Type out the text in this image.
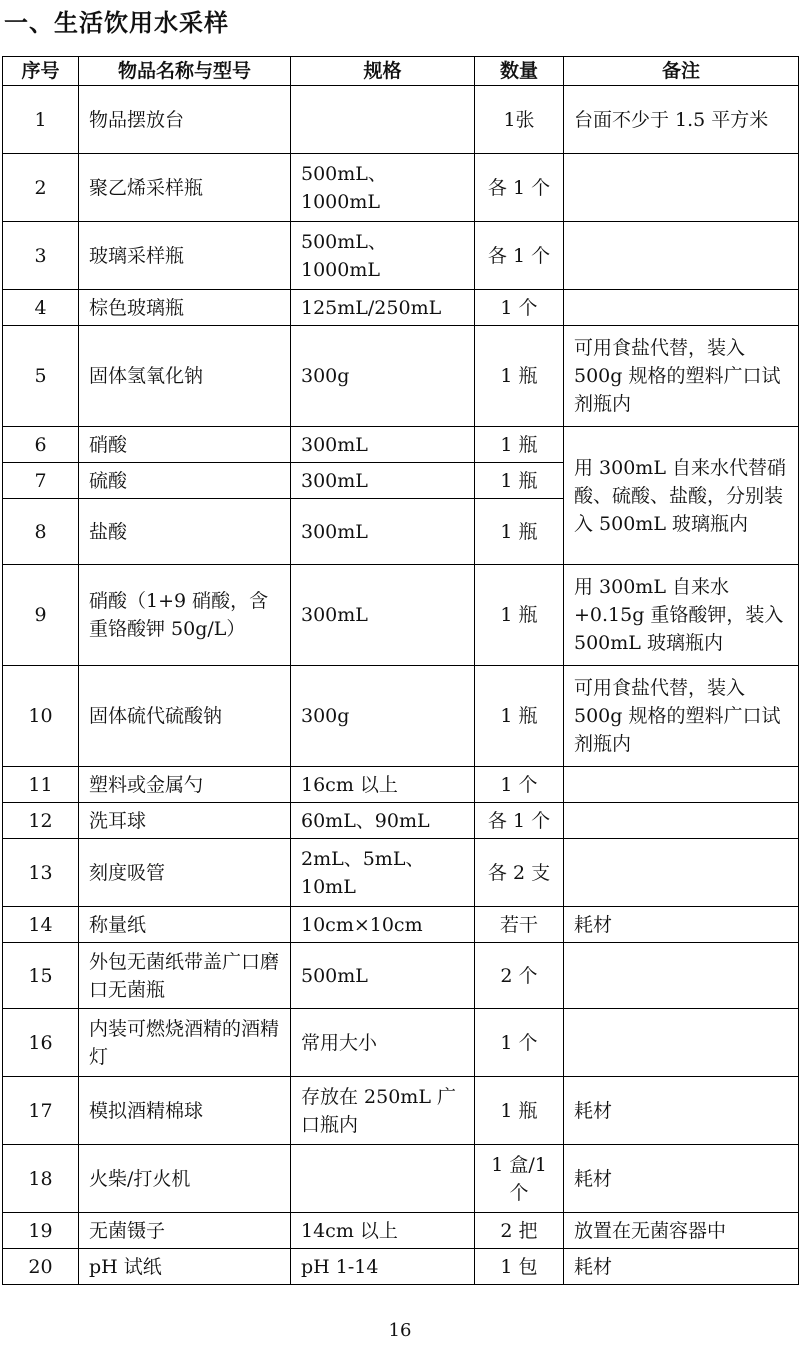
一、生活饮用水采样
序号	物品名称与型号	规格	数量	备注
1	物品摆放台		1张	台面不少于 1.5 平方米
2	聚乙烯采样瓶	500mL、1000mL	各 1 个	
3	玻璃采样瓶	500mL、1000mL	各 1 个	
4	棕色玻璃瓶	125mL/250mL	1 个	
5	固体氢氧化钠	300g	1 瓶	可用食盐代替，装入 500g 规格的塑料广口试剂瓶内
6	硝酸	300mL	1 瓶	用 300mL 自来水代替硝酸、硫酸、盐酸，分别装入 500mL 玻璃瓶内
7	硫酸	300mL	1 瓶	
8	盐酸	300mL	1 瓶	
9	硝酸（1+9 硝酸，含重铬酸钾 50g/L）	300mL	1 瓶	用 300mL 自来水 +0.15g 重铬酸钾，装入 500mL 玻璃瓶内
10	固体硫代硫酸钠	300g	1 瓶	可用食盐代替，装入 500g 规格的塑料广口试剂瓶内
11	塑料或金属勺	16cm 以上	1 个	
12	洗耳球	60mL、90mL	各 1 个	
13	刻度吸管	2mL、5mL、10mL	各 2 支	
14	称量纸	10cm×10cm	若干	耗材
15	外包无菌纸带盖广口磨口无菌瓶	500mL	2 个	
16	内装可燃烧酒精的酒精灯	常用大小	1 个	
17	模拟酒精棉球	存放在 250mL 广口瓶内	1 瓶	耗材
18	火柴/打火机		1 盒/1 个	耗材
19	无菌镊子	14cm 以上	2 把	放置在无菌容器中
20	pH 试纸	pH 1-14	1 包	耗材
16
